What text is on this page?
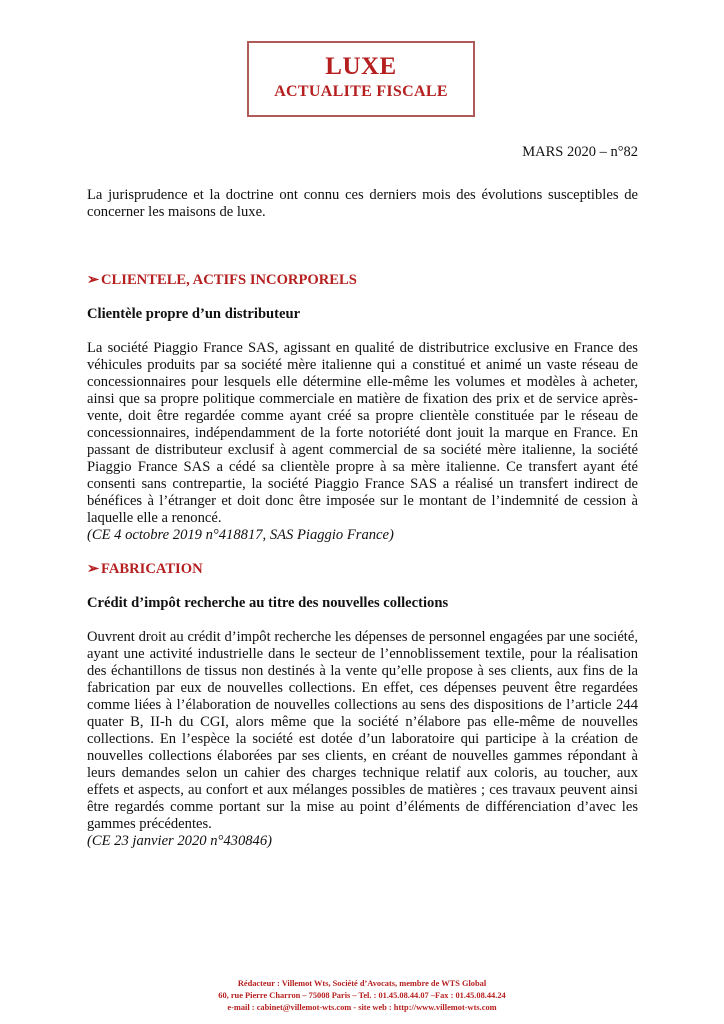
LUXE
ACTUALITE FISCALE
MARS 2020 – n°82

La jurisprudence et la doctrine ont connu ces derniers mois des évolutions susceptibles de concerner les maisons de luxe.

➢ CLIENTELE, ACTIFS INCORPORELS

Clientèle propre d’un distributeur

La société Piaggio France SAS, agissant en qualité de distributrice exclusive en France des véhicules produits par sa société mère italienne qui a constitué et animé un vaste réseau de concessionnaires pour lesquels elle détermine elle-même les volumes et modèles à acheter, ainsi que sa propre politique commerciale en matière de fixation des prix et de service après-vente, doit être regardée comme ayant créé sa propre clientèle constituée par le réseau de concessionnaires, indépendamment de la forte notoriété dont jouit la marque en France. En passant de distributeur exclusif à agent commercial de sa société mère italienne, la société Piaggio France SAS a cédé sa clientèle propre à sa mère italienne. Ce transfert ayant été consenti sans contrepartie, la société Piaggio France SAS a réalisé un transfert indirect de bénéfices à l’étranger et doit donc être imposée sur le montant de l’indemnité de cession à laquelle elle a renoncé.

(CE 4 octobre 2019 n°418817, SAS Piaggio France)

➢ FABRICATION

Crédit d’impôt recherche au titre des nouvelles collections

Ouvrent droit au crédit d’impôt recherche les dépenses de personnel engagées par une société, ayant une activité industrielle dans le secteur de l’ennoblissement textile, pour la réalisation des échantillons de tissus non destinés à la vente qu’elle propose à ses clients, aux fins de la fabrication par eux de nouvelles collections. En effet, ces dépenses peuvent être regardées comme liées à l’élaboration de nouvelles collections au sens des dispositions de l’article 244 quater B, II-h du CGI, alors même que la société n’élabore pas elle-même de nouvelles collections. En l’espèce la société est dotée d’un laboratoire qui participe à la création de nouvelles collections élaborées par ses clients, en créant de nouvelles gammes répondant à leurs demandes selon un cahier des charges technique relatif aux coloris, au toucher, aux effets et aspects, au confort et aux mélanges possibles de matières ; ces travaux peuvent ainsi être regardés comme portant sur la mise au point d’éléments de différenciation d’avec les gammes précédentes.

(CE 23 janvier 2020 n°430846)

Rédacteur : Villemot Wts, Société d’Avocats, membre de WTS Global
60, rue Pierre Charron – 75008 Paris – Tel. : 01.45.08.44.07 –Fax : 01.45.08.44.24
e-mail : cabinet@villemot-wts.com - site web : http://www.villemot-wts.com
